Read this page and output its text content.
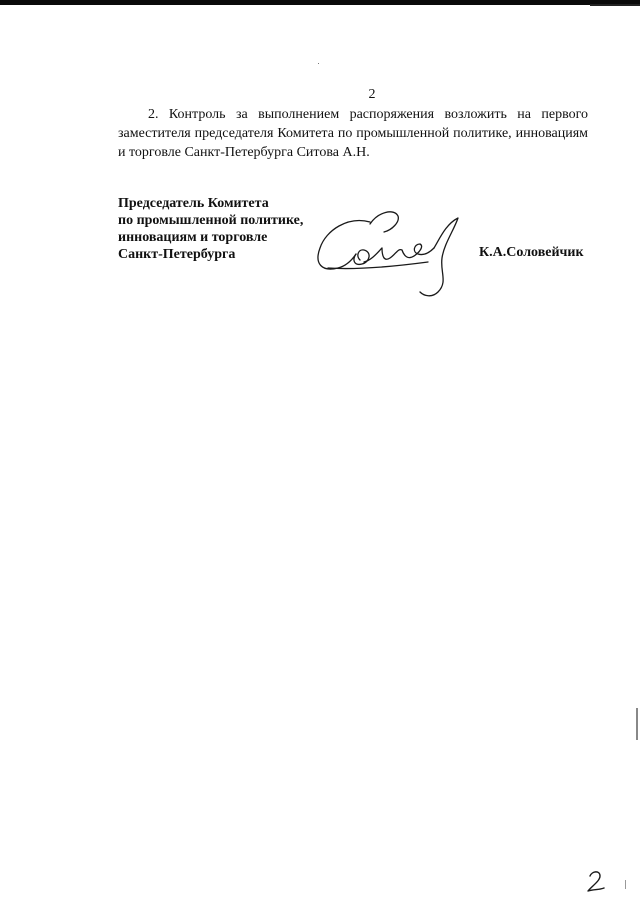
2

2. Контроль за выполнением распоряжения возложить на первого
заместителя председателя Комитета по промышленной политике, инновациям
и торговле Санкт-Петербурга Ситова А.Н.

Председатель Комитета
по промышленной политике,
инновациям и торговле
Санкт-Петербурга	К.А.Соловейчик
